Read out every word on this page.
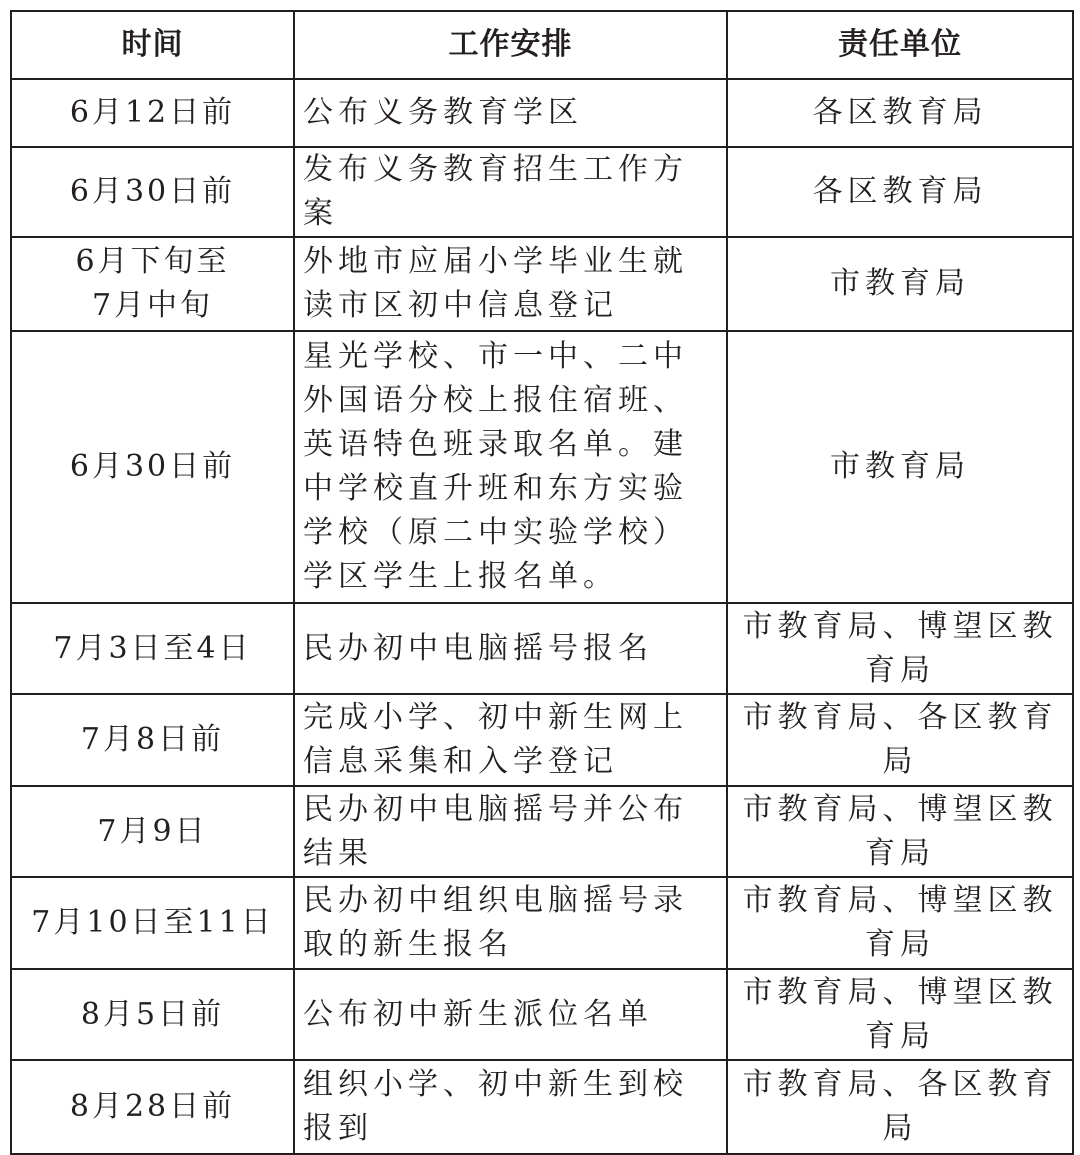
时间	工作安排	责任单位
6月12日前	公布义务教育学区	各区教育局
6月30日前	发布义务教育招生工作方案	各区教育局

6月下旬至7月中旬	外地市应届小学毕业生就读市区初中信息登记	市教育局
6月30日前	星光学校、市一中、二中外国语分校上报住宿班、英语特色班录取名单。建中学校直升班和东方实验学校（原二中实验学校）学区学生上报名单。	市教育局
7月3日至4日	民办初中电脑摇号报名	市教育局、博望区教育局
7月8日前	完成小学、初中新生网上信息采集和入学登记	市教育局、各区教育局
7月9日	民办初中电脑摇号并公布结果	市教育局、博望区教育局
7月10日至11日	民办初中组织电脑摇号录取的新生报名	市教育局、博望区教育局
8月5日前	公布初中新生派位名单	市教育局、博望区教育局
8月28日前	组织小学、初中新生到校报到	市教育局、各区教育局
